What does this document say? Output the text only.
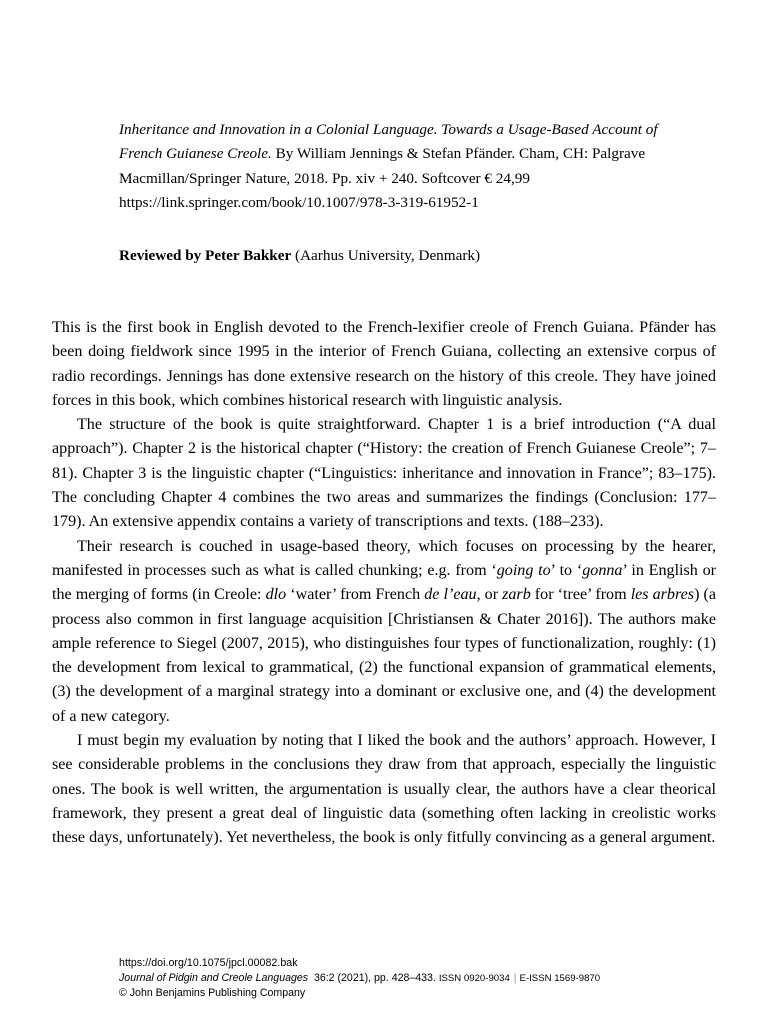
Inheritance and Innovation in a Colonial Language. Towards a Usage-Based Account of French Guianese Creole. By William Jennings & Stefan Pfänder. Cham, CH: Palgrave Macmillan/Springer Nature, 2018. Pp. xiv + 240. Softcover € 24,99 https://link.springer.com/book/10.1007/978-3-319-61952-1
Reviewed by Peter Bakker (Aarhus University, Denmark)

This is the first book in English devoted to the French-lexifier creole of French Guiana. Pfänder has been doing fieldwork since 1995 in the interior of French Guiana, collecting an extensive corpus of radio recordings. Jennings has done extensive research on the history of this creole. They have joined forces in this book, which combines historical research with linguistic analysis.

The structure of the book is quite straightforward. Chapter 1 is a brief introduction (“A dual approach”). Chapter 2 is the historical chapter (“History: the creation of French Guianese Creole”; 7–81). Chapter 3 is the linguistic chapter (“Linguistics: inheritance and innovation in France”; 83–175). The concluding Chapter 4 combines the two areas and summarizes the findings (Conclusion: 177–179). An extensive appendix contains a variety of transcriptions and texts. (188–233).

Their research is couched in usage-based theory, which focuses on processing by the hearer, manifested in processes such as what is called chunking; e.g. from ‘going to’ to ‘gonna’ in English or the merging of forms (in Creole: dlo ‘water’ from French de l’eau, or zarb for ‘tree’ from les arbres) (a process also common in first language acquisition [Christiansen & Chater 2016]). The authors make ample reference to Siegel (2007, 2015), who distinguishes four types of functionalization, roughly: (1) the development from lexical to grammatical, (2) the functional expansion of grammatical elements, (3) the development of a marginal strategy into a dominant or exclusive one, and (4) the development of a new category.

I must begin my evaluation by noting that I liked the book and the authors’ approach. However, I see considerable problems in the conclusions they draw from that approach, especially the linguistic ones. The book is well written, the argumentation is usually clear, the authors have a clear theorical framework, they present a great deal of linguistic data (something often lacking in creolistic works these days, unfortunately). Yet nevertheless, the book is only fitfully convincing as a general argument.

https://doi.org/10.1075/jpcl.00082.bak
Journal of Pidgin and Creole Languages 36:2 (2021), pp. 428–433. ISSN 0920-9034 | E-ISSN 1569-9870
© John Benjamins Publishing Company
